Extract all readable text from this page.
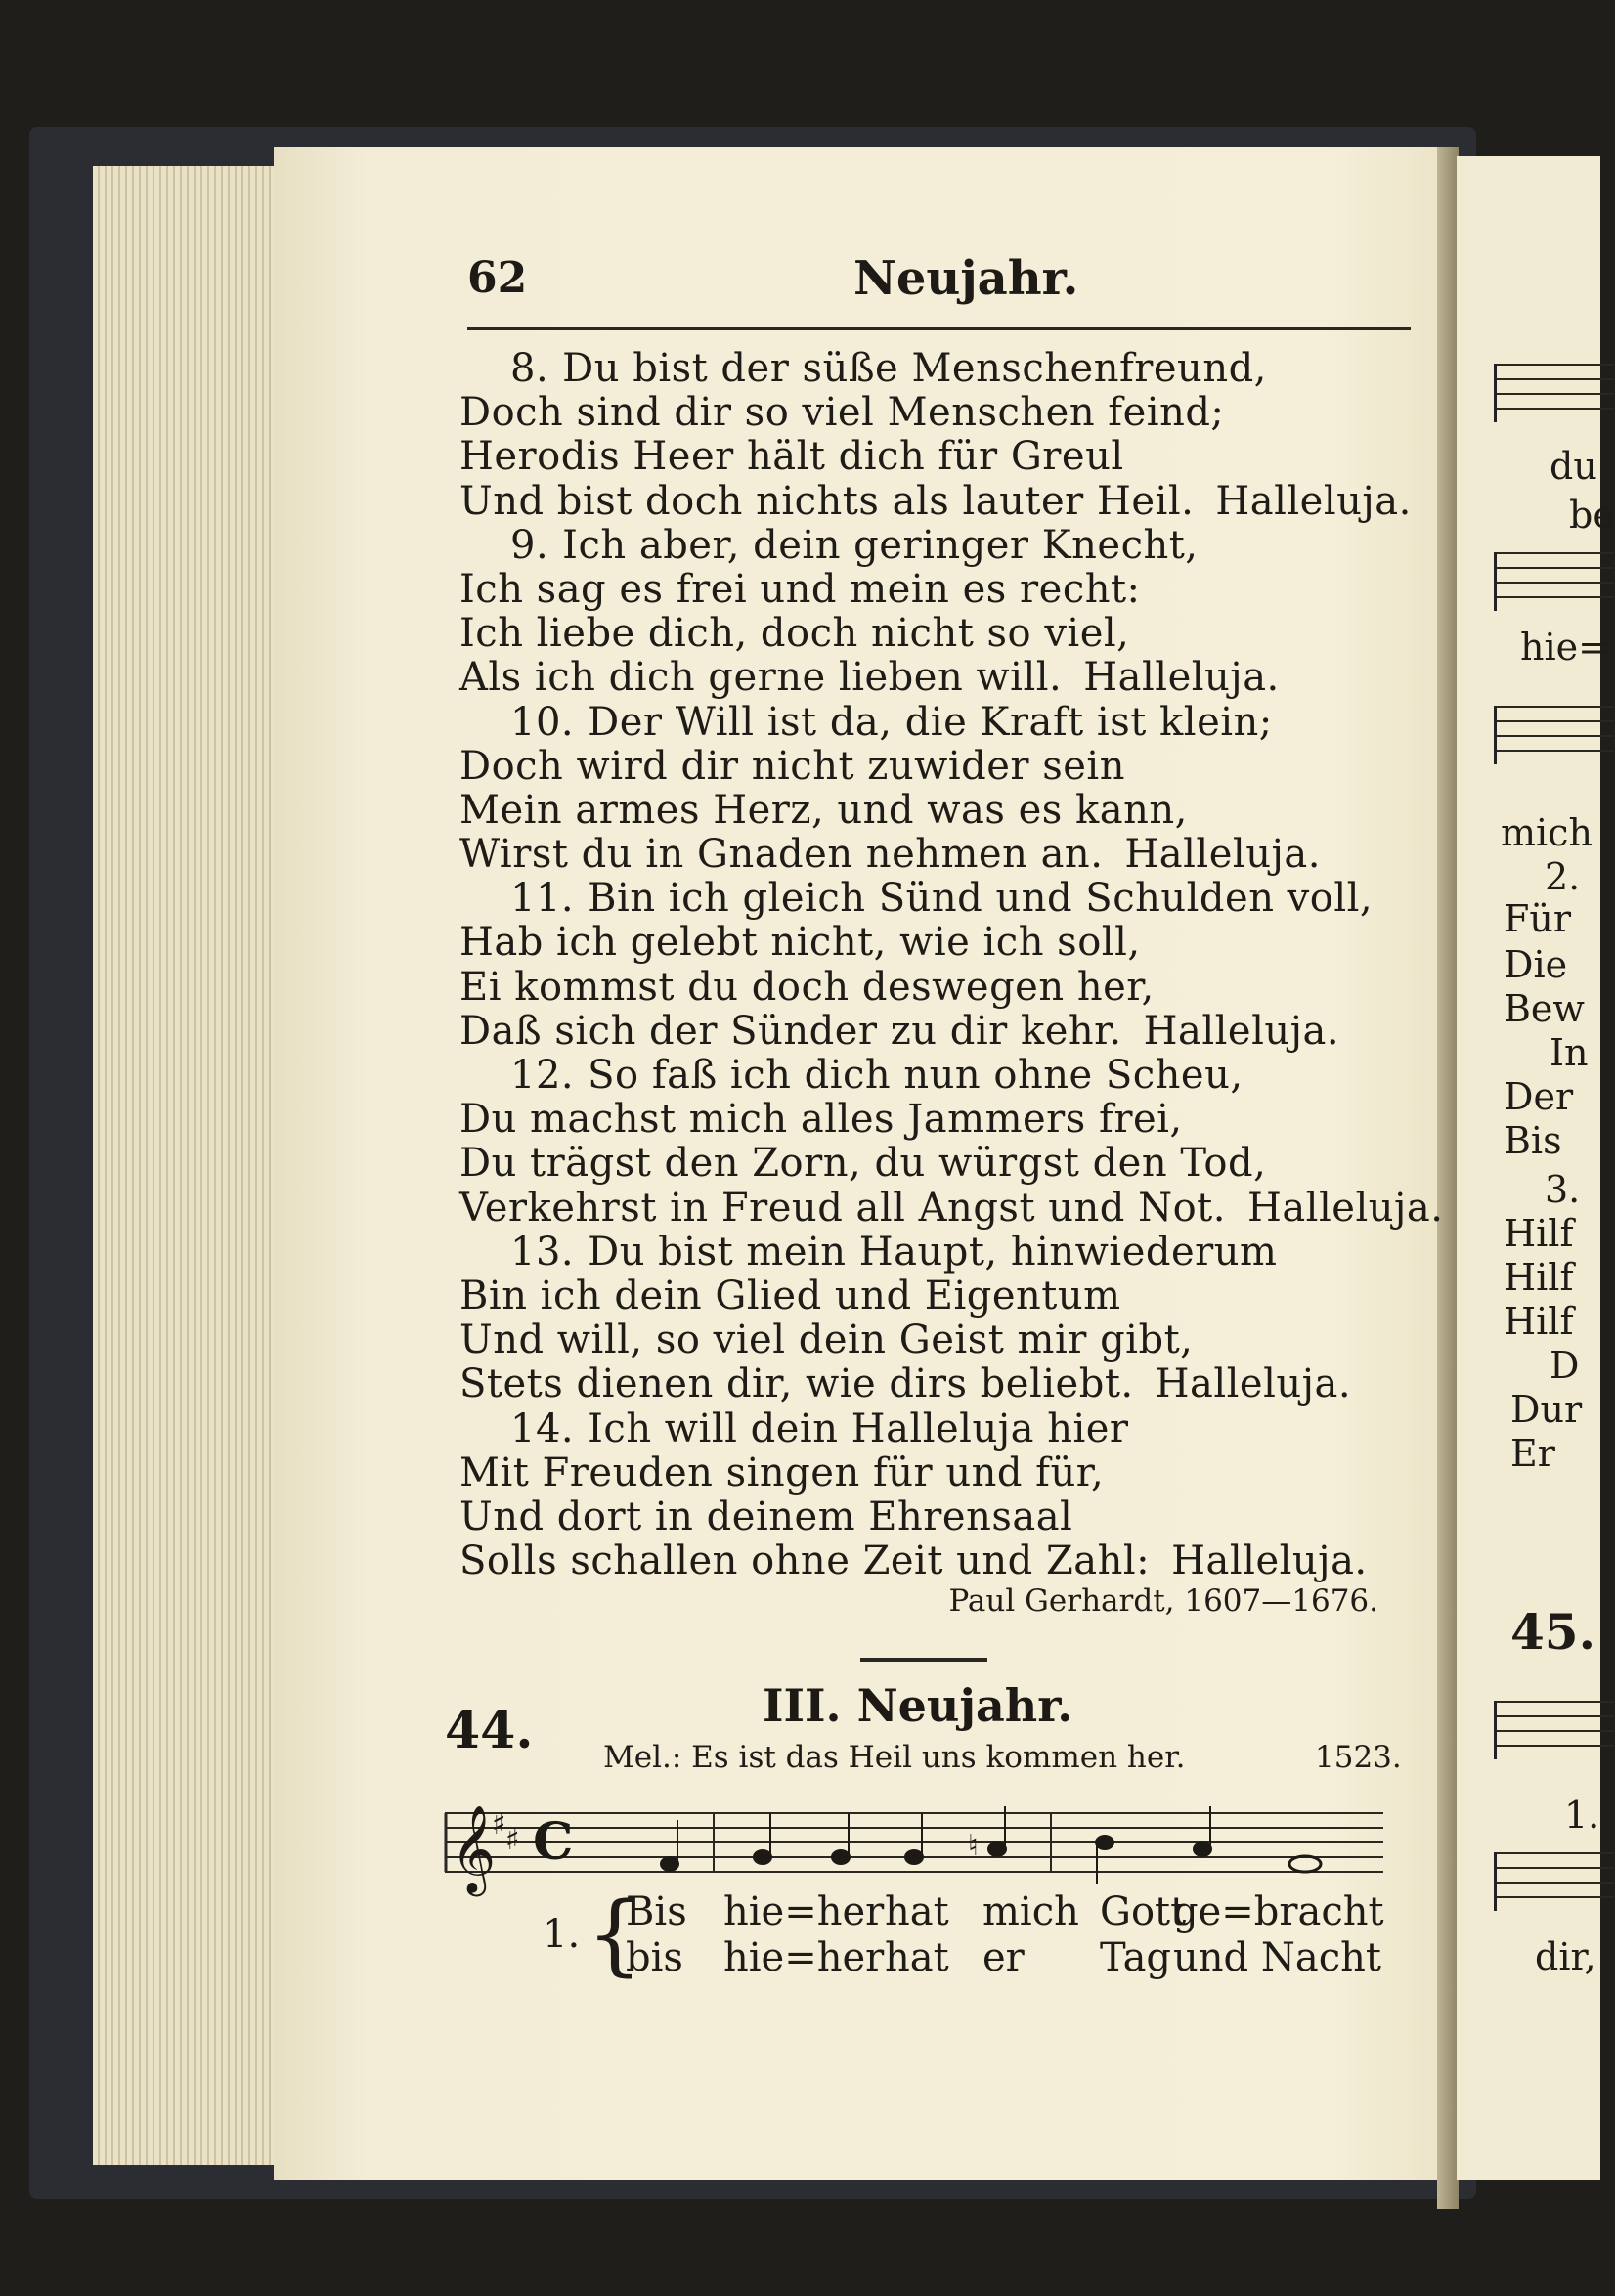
62	Neujahr.
8. Du bist der süße Menschenfreund,
Doch sind dir so viel Menschen feind;
Herodis Heer hält dich für Greul
Und bist doch nichts als lauter Heil. Halleluja.
9. Ich aber, dein geringer Knecht,
Ich sag es frei und mein es recht:
Ich liebe dich, doch nicht so viel,
Als ich dich gerne lieben will. Halleluja.
10. Der Will ist da, die Kraft ist klein;
Doch wird dir nicht zuwider sein
Mein armes Herz, und was es kann,
Wirst du in Gnaden nehmen an. Halleluja.
11. Bin ich gleich Sünd und Schulden voll,
Hab ich gelebt nicht, wie ich soll,
Ei kommst du doch deswegen her,
Daß sich der Sünder zu dir kehr. Halleluja.
12. So faß ich dich nun ohne Scheu,
Du machst mich alles Jammers frei,
Du trägst den Zorn, du würgst den Tod,
Verkehrst in Freud all Angst und Not. Halleluja.
13. Du bist mein Haupt, hinwiederum
Bin ich dein Glied und Eigentum
Und will, so viel dein Geist mir gibt,
Stets dienen dir, wie dirs beliebt. Halleluja.
14. Ich will dein Halleluja hier
Mit Freuden singen für und für,
Und dort in deinem Ehrensaal
Solls schallen ohne Zeit und Zahl: Halleluja.
Paul Gerhardt, 1607—1676.
44.	III. Neujahr.
Mel.: Es ist das Heil uns kommen her.	1523.
𝄞
♯ ♯ C	♮
1. {
Bis hie=her hat mich Gott
ge=bracht
bis hie=her hat er Tag und Nacht
du
be
hie=
mich
2.
Für
Die
Bew
In
Der
Bis
3.
Hilf
Hilf
Hilf
D
Dur
Er
45.
1.
dir,
